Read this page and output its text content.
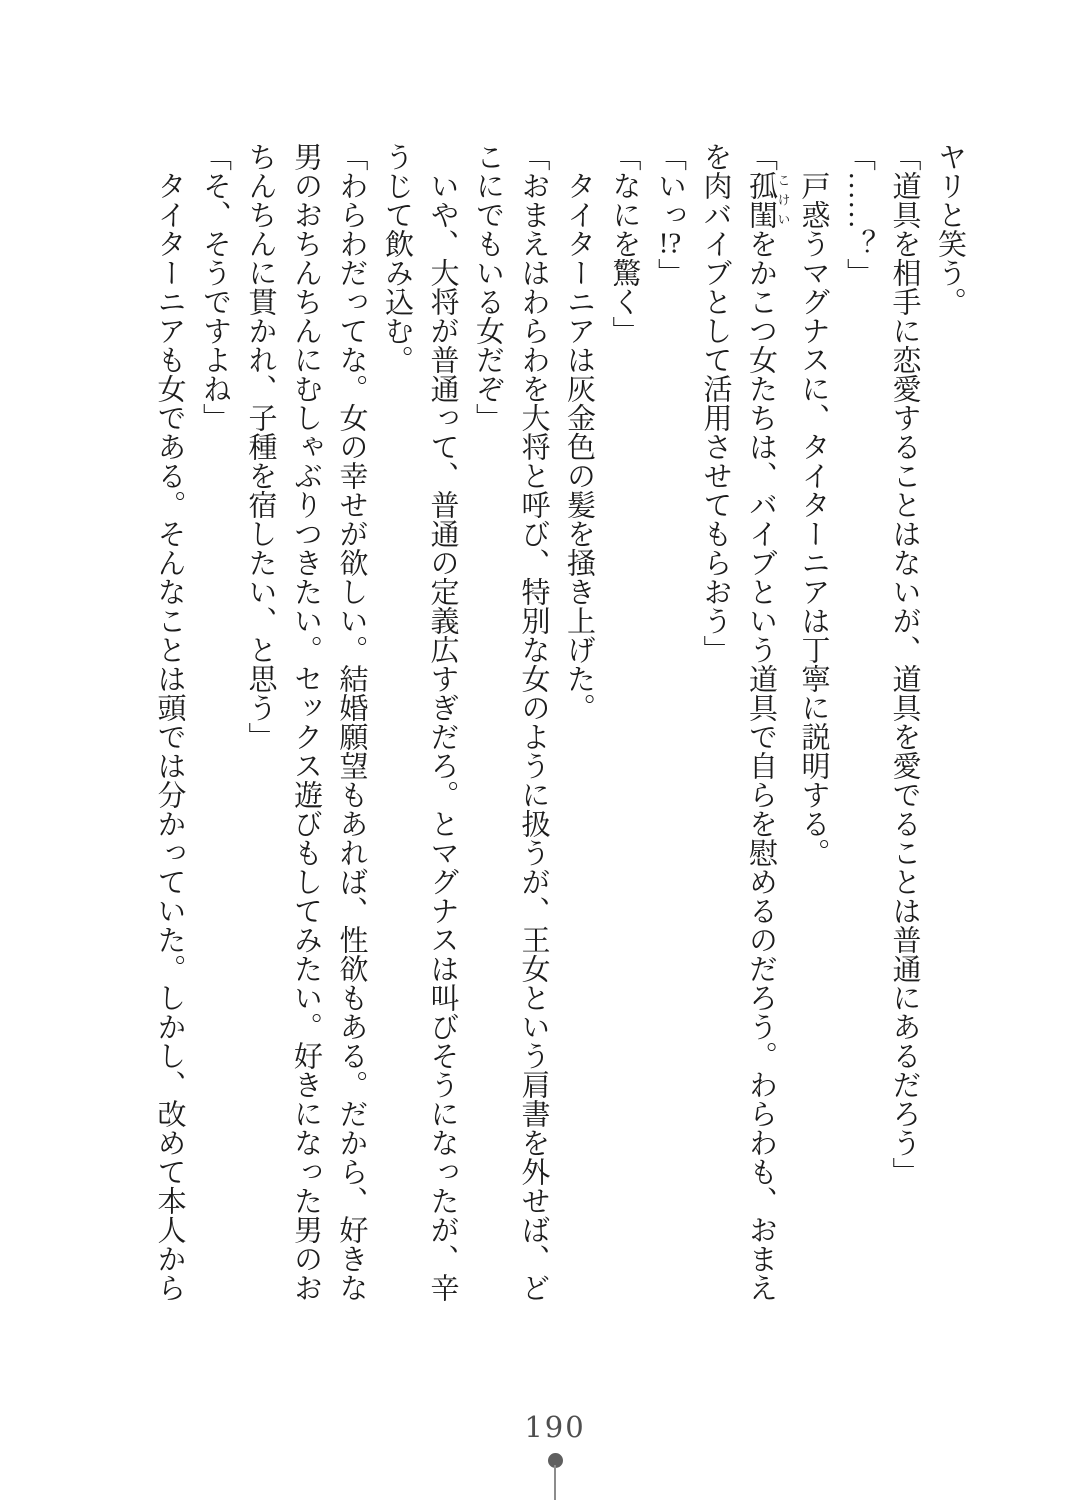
ヤリと笑う。

「道具を相手に恋愛することはないが、道具を愛でることは普通にあるだろう」

「……？」

戸惑うマグナスに、タイターニアは丁寧に説明する。

「孤閨こけいをかこつ女たちは、バイブという道具で自らを慰めるのだろう。わらわも、おまえを肉バイブとして活用させてもらおう」

「いっ!?」

「なにを驚く」

タイターニアは灰金色の髪を掻き上げた。

「おまえはわらわを大将と呼び、特別な女のように扱うが、王女という肩書を外せば、どこにでもいる女だぞ」

いや、大将が普通って、普通の定義広すぎだろ。とマグナスは叫びそうになったが、辛うじて飲み込む。

「わらわだってな。女の幸せが欲しい。結婚願望もあれば、性欲もある。だから、好きな男のおちんちんにむしゃぶりつきたい。セックス遊びもしてみたい。好きになった男のおちんちんに貫かれ、子種を宿したい、と思う」

「そ、そうですよね」

タイターニアも女である。そんなことは頭では分かっていた。しかし、改めて本人から

190
